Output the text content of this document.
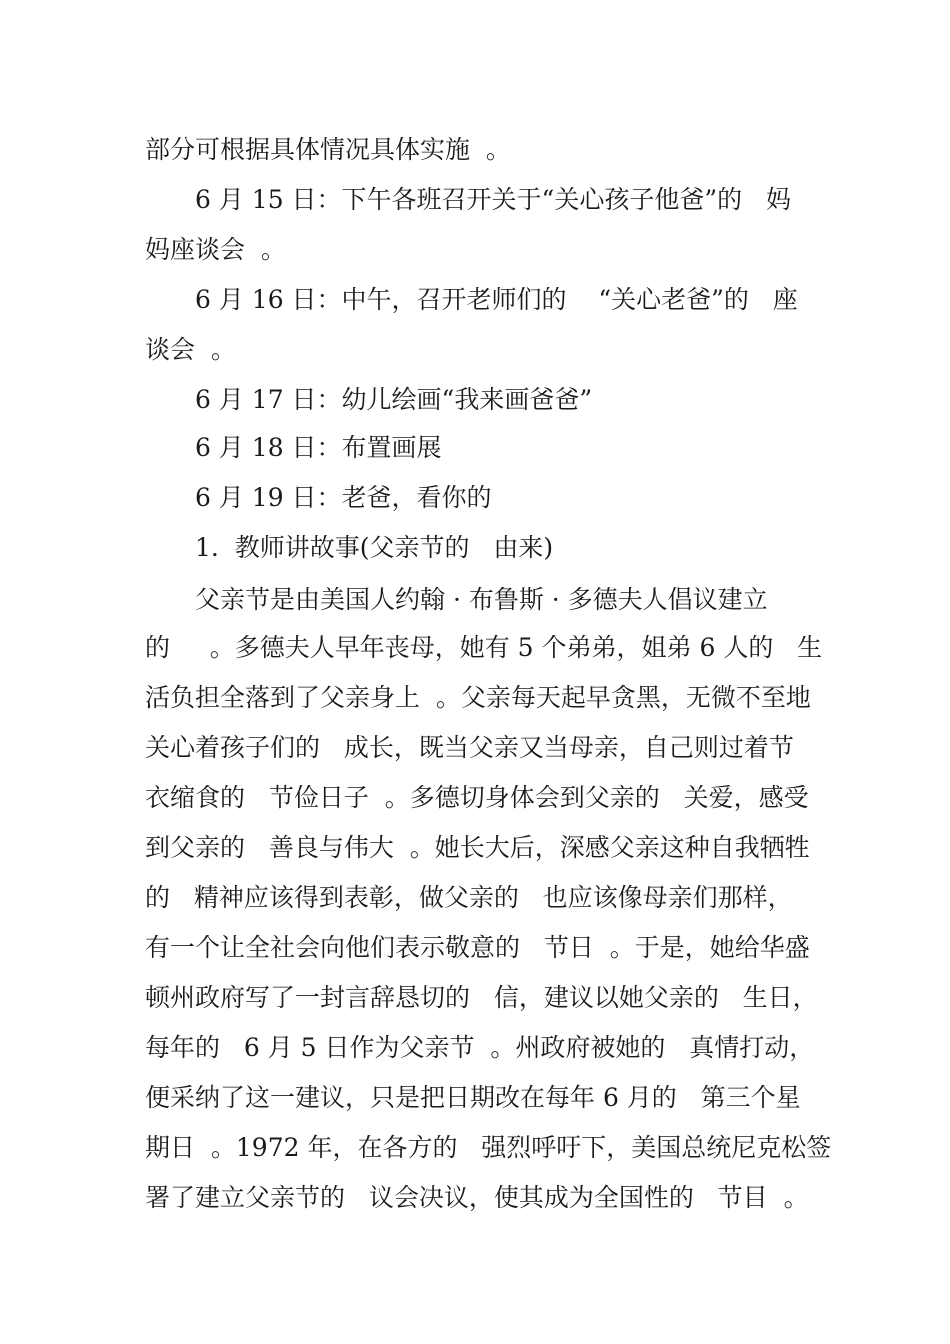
部分可根据具体情况具体实施  。
6 月 15 日：下午各班召开关于“关心孩子他爸”的   妈
妈座谈会  。
6 月 16 日：中午，召开老师们的    “关心老爸”的   座
谈会  。
6 月 17 日：幼儿绘画“我来画爸爸”
6 月 18 日：布置画展
6 月 19 日：老爸，看你的
1.  教师讲故事(父亲节的   由来)
父亲节是由美国人约翰 · 布鲁斯 · 多德夫人倡议建立
的     。多德夫人早年丧母，她有 5 个弟弟，姐弟 6 人的   生
活负担全落到了父亲身上  。父亲每天起早贪黑，无微不至地
关心着孩子们的   成长，既当父亲又当母亲，自己则过着节
衣缩食的   节俭日子  。多德切身体会到父亲的   关爱，感受
到父亲的   善良与伟大  。她长大后，深感父亲这种自我牺牲
的   精神应该得到表彰，做父亲的   也应该像母亲们那样，
有一个让全社会向他们表示敬意的   节日  。于是，她给华盛
顿州政府写了一封言辞恳切的   信，建议以她父亲的   生日，
每年的   6 月 5 日作为父亲节  。州政府被她的   真情打动，
便采纳了这一建议，只是把日期改在每年 6 月的   第三个星
期日  。1972 年，在各方的   强烈呼吁下，美国总统尼克松签
署了建立父亲节的   议会决议，使其成为全国性的   节目  。
